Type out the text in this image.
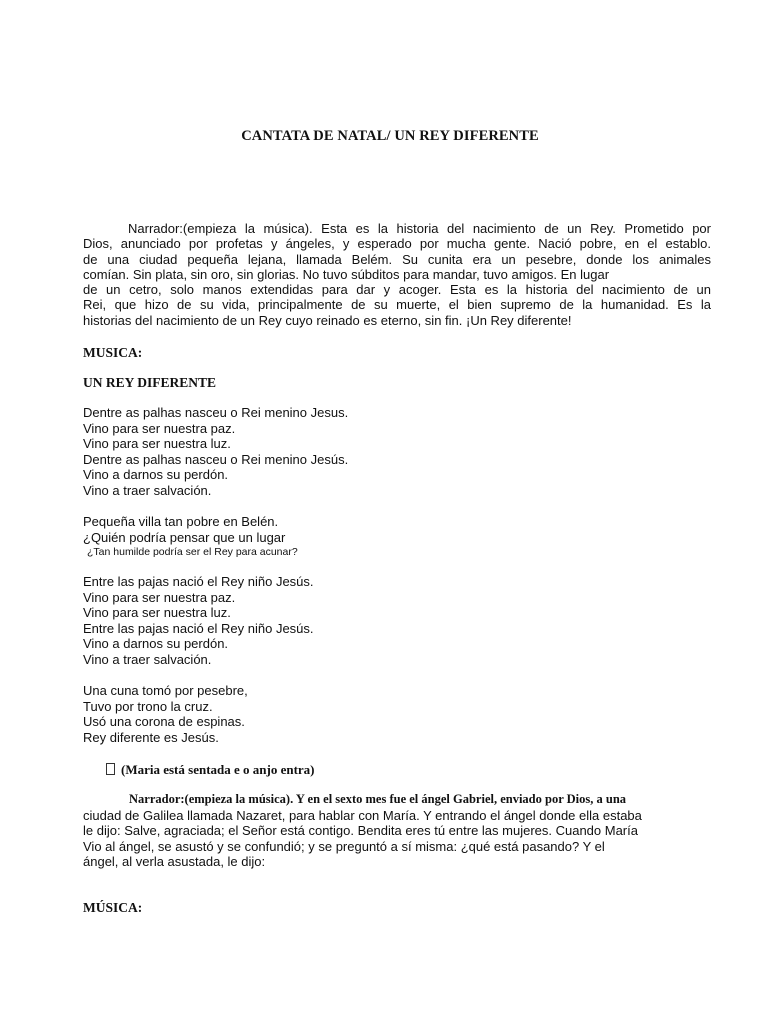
CANTATA DE NATAL/ UN REY DIFERENTE
Narrador:(empieza la música). Esta es la historia del nacimiento de un Rey. Prometido por
Dios, anunciado por profetas y ángeles, y esperado por mucha gente. Nació pobre, en el establo.
de una ciudad pequeña lejana, llamada Belém. Su cunita era un pesebre, donde los animales
comían. Sin plata, sin oro, sin glorias. No tuvo súbditos para mandar, tuvo amigos. En lugar
de un cetro, solo manos extendidas para dar y acoger. Esta es la historia del nacimiento de un
Rei, que hizo de su vida, principalmente de su muerte, el bien supremo de la humanidad. Es la
historias del nacimiento de un Rey cuyo reinado es eterno, sin fin. ¡Un Rey diferente!
MUSICA:
UN REY DIFERENTE
Dentre as palhas nasceu o Rei menino Jesus.
Vino para ser nuestra paz.
Vino para ser nuestra luz.
Dentre as palhas nasceu o Rei menino Jesús.
Vino a darnos su perdón.
Vino a traer salvación.
Pequeña villa tan pobre en Belén.
¿Quién podría pensar que un lugar
¿Tan humilde podría ser el Rey para acunar?
Entre las pajas nació el Rey niño Jesús.
Vino para ser nuestra paz.
Vino para ser nuestra luz.
Entre las pajas nació el Rey niño Jesús.
Vino a darnos su perdón.
Vino a traer salvación.
Una cuna tomó por pesebre,
Tuvo por trono la cruz.
Usó una corona de espinas.
Rey diferente es Jesús.
(Maria está sentada e o anjo entra)
Narrador:(empieza la música). Y en el sexto mes fue el ángel Gabriel, enviado por Dios, a una
ciudad de Galilea llamada Nazaret, para hablar con María. Y entrando el ángel donde ella estaba
le dijo: Salve, agraciada; el Señor está contigo. Bendita eres tú entre las mujeres. Cuando María
Vio al ángel, se asustó y se confundió; y se preguntó a sí misma: ¿qué está pasando? Y el
ángel, al verla asustada, le dijo:
MÚSICA:
